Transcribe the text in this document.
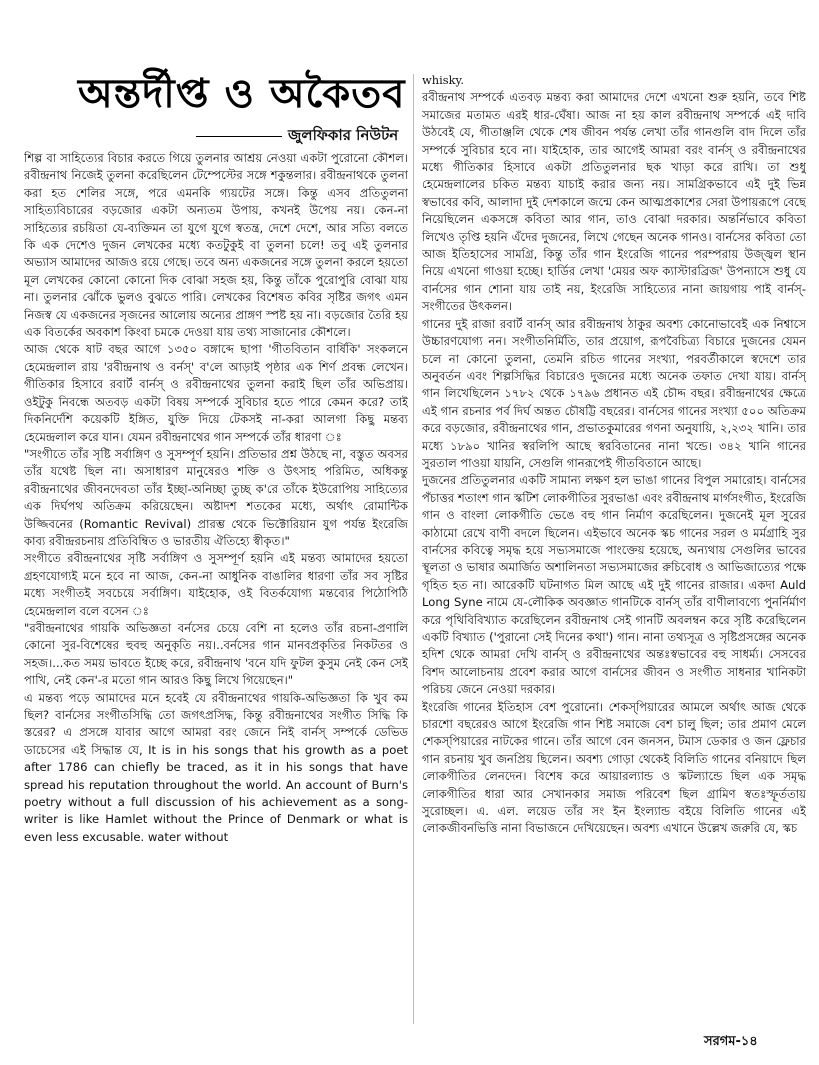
অন্তর্দীপ্ত ও অকৈতব
জুলফিকার নিউটন

শিল্প বা সাহিত্যের বিচার করতে গিয়ে তুলনার আশ্রয় নেওয়া একটা পুরোনো কৌশল। রবীন্দ্রনাথ নিজেই তুলনা করেছিলেন টেম্পেস্টের সঙ্গে শকুন্তলার। রবীন্দ্রনাথকে তুলনা করা হত শেলির সঙ্গে, পরে এমনকি গ্যয়টের সঙ্গে। কিন্তু এসব প্রতিতুলনা সাহিত্যবিচারের বড়জোর একটা অন্যতম উপায়, কখনই উপেয় নয়। কেন-না সাহিত্যের রচয়িতা যে-ব্যক্তিমন তা যুগে যুগে স্বতন্ত্র, দেশে দেশে, আর সত্যি বলতে কি এক দেশেও দুজন লেখকের মধ্যে কতটুকুই বা তুলনা চলে! তবু এই তুলনার অভ্যাস আমাদের আজও রয়ে গেছে। তবে অন্য একজনের সঙ্গে তুলনা করলে হয়তো মূল লেখকের কোনো কোনো দিক বোঝা সহজ হয়, কিন্তু তাঁকে পুরোপুরি বোঝা যায় না। তুলনার ঝোঁকে ভুলও বুঝতে পারি। লেখকের বিশেষত কবির সৃষ্টির জগৎ এমন নিজস্ব যে একজনের সৃজনের আলোয় অন্যের প্রাঙ্গণ স্পষ্ট হয় না। বড়জোর তৈরি হয় এক বিতর্কের অবকাশ কিংবা চমকে দেওয়া যায় তথ্য সাজানোর কৌশলে।

আজ থেকে ষাট বছর আগে ১৩৫০ বঙ্গাব্দে ছাপা 'গীতবিতান বার্ষিকি' সংকলনে হেমেন্দ্রলাল রায় 'রবীন্দ্রনাথ ও বর্নস্' ব'লে আড়াই পৃষ্ঠার এক শির্ণ প্রবন্ধ লেখেন। গীতিকার হিসাবে রবার্ট বার্নস্ ও রবীন্দ্রনাথের তুলনা করাই ছিল তাঁর অভিপ্রায়। ওইটুকু নিবন্ধে অতবড় একটা বিষয় সম্পর্কে সুবিচার হতে পারে কেমন করে? তাই দিকনির্দেশি কয়েকটি ইঙ্গিত, যুক্তি দিয়ে টেকসই না-করা আলগা কিছু মন্তব্য হেমেন্দ্রলাল করে যান। যেমন রবীন্দ্রনাথের গান সম্পর্কে তাঁর ধারণা ঃ

"সংগীতে তাঁর সৃষ্টি সর্বাঙ্গিণ ও সুসম্পূর্ণ হয়নি। প্রতিভার প্রশ্ন উঠছে না, বস্তুত অবসর তাঁর যথেষ্ট ছিল না। অসাধারণ মানুষেরও শক্তি ও উৎসাহ পরিমিত, অধিকন্তু রবীন্দ্রনাথের জীবনদেবতা তাঁর ইচ্ছা-অনিচ্ছা তুচ্ছ ক'রে তাঁকে ইউরোপিয় সাহিত্যের এক দির্ঘপথ অতিক্রম করিয়েছেন। অষ্টাদশ শতকের মধ্যে, অর্থাৎ রোমান্টিক উজ্জিবনের (Romantic Revival) প্রারম্ভ থেকে ভিক্টোরিয়ান যুগ পর্যন্ত ইংরেজি কাব্য রবীন্দ্ররচনায় প্রতিবিম্বিত ও ভারতীয় ঐতিহ্যে স্বীকৃত।"

সংগীতে রবীন্দ্রনাথের সৃষ্টি সর্বাঙ্গিণ ও সুসম্পূর্ণ হয়নি এই মন্তব্য আমাদের হয়তো গ্রহণযোগ্যই মনে হবে না আজ, কেন-না আধুনিক বাঙালির ধারণা তাঁর সব সৃষ্টির মধ্যে সংগীতই সবচেয়ে সর্বাঙ্গিণ। যাইহোক, ওই বিতর্কযোগ্য মন্তব্যের পিঠোপিঠি হেমেন্দ্রলাল বলে বসেন ঃ

"রবীন্দ্রনাথের গায়কি অভিজ্ঞতা বর্নসের চেয়ে বেশি না হলেও তাঁর রচনা-প্রণালি কোনো সুর-বিশেষের হুবহু অনুকৃতি নয়।..বর্নসের গান মানবপ্রকৃতির নিকটতর ও সহজ।...কত সময় ভাবতে ইচ্ছে করে, রবীন্দ্রনাথ 'বনে যদি ফুটল কুসুম নেই কেন সেই পাখি, নেই কেন'-র মতো গান আরও কিছু লিখে গিয়েছেন।"

এ মন্তব্য পড়ে আমাদের মনে হবেই যে রবীন্দ্রনাথের গায়কি-অভিজ্ঞতা কি খুব কম ছিল? বার্নসের সংগীতসিদ্ধি তো জগৎপ্রসিদ্ধ, কিন্তু রবীন্দ্রনাথের সংগীত সিদ্ধি কি স্তরের? এ প্রসঙ্গে যাবার আগে আমরা বরং জেনে নিই বার্নস্ সম্পর্কে ডেভিড ডাচেসের এই সিদ্ধান্ত যে, It is in his songs that his growth as a poet after 1786 can chiefly be traced, as it in his songs that have spread his reputation throughout the world. An account of Burn's poetry without a full discussion of his achievement as a song-writer is like Hamlet without the Prince of Denmark or what is even less excusable. water without

whisky.

রবীন্দ্রনাথ সম্পর্কে এতবড় মন্তব্য করা আমাদের দেশে এখনো শুরু হয়নি, তবে শিষ্ট সমাজের মতামত এরই ধার-ঘেঁষা। আজ না হয় কাল রবীন্দ্রনাথ সম্পর্কে এই দাবি উঠবেই যে, গীতাঞ্জলি থেকে শেষ জীবন পর্যন্ত লেখা তাঁর গানগুলি বাদ দিলে তাঁর সম্পর্কে সুবিচার হবে না। যাইহোক, তার আগেই আমরা বরং বার্নস্ ও রবীন্দ্রনাথের মধ্যে গীতিকার হিসাবে একটা প্রতিতুলনার ছক খাড়া করে রাখি। তা শুধু হেমেন্দ্রলালের চকিত মন্তব্য যাচাই করার জন্য নয়। সামগ্রিকভাবে এই দুই ভিন্ন স্বভাবের কবি, আলাদা দুই দেশকালে জন্মে কেন আত্মপ্রকাশের সেরা উপায়রূপে বেছে নিয়েছিলেন একসঙ্গে কবিতা আর গান, তাও বোঝা দরকার। অন্তর্নিভাবে কবিতা লিখেও তৃপ্তি হয়নি এঁদের দুজনের, লিখে গেছেন অনেক গানও। বার্নসের কবিতা তো আজ ইতিহাসের সামগ্রি, কিন্তু তাঁর গান ইংরেজি গানের পরম্পরায় উজ্জ্বল স্থান নিয়ে এখনো গাওয়া হচ্ছে। হার্ডির লেখা 'মেয়র অফ ক্যাস্টারব্রিজ' উপন্যাসে শুধু যে বার্নসের গান শোনা যায় তাই নয়, ইংরেজি সাহিত্যের নানা জায়গায় পাই বার্নস্-সংগীতের উৎকলন।

গানের দুই রাজা রবার্ট বার্নস্ আর রবীন্দ্রনাথ ঠাকুর অবশ্য কোনোভাবেই এক নিশ্বাসে উচ্চারণযোগ্য নন। সংগীতনির্মিতি, তার প্রয়োগ, রূপবৈচিত্র্য বিচারে দুজনের যেমন চলে না কোনো তুলনা, তেমনি রচিত গানের সংখ্যা, পরবর্তীকালে স্বদেশে তার অনুবর্তন এবং শিল্পসিদ্ধির বিচারেও দুজনের মধ্যে অনেক তফাত দেখা যায়। বার্নস্ গান লিখেছিলেন ১৭৮২ থেকে ১৭৯৬ প্রধানত এই চৌদ্দ বছর। রবীন্দ্রনাথের ক্ষেত্রে এই গান রচনার পর্ব দির্ঘ অন্তত চৌষট্টি বছরের। বার্নসের গানের সংখ্যা ৫০০ অতিক্রম করে বড়জোর, রবীন্দ্রনাথের গান, প্রভাতকুমারের গণনা অনুযায়ি, ২,২৩২ খানি। তার মধ্যে ১৮৯০ খানির স্বরলিপি আছে স্বরবিতানের নানা খন্ডে। ৩৪২ খানি গানের সুরতাল পাওয়া যায়নি, সেগুলি গানরূপেই গীতবিতানে আছে।

দুজনের প্রতিতুলনার একটি সামান্য লক্ষণ হল ভাঙা গানের বিপুল সমারোহ। বার্নসের পঁচাত্তর শতাংশ গান স্কটিশ লোকগীতির সুরভাঙা এবং রবীন্দ্রনাথ মার্গসংগীত, ইংরেজি গান ও বাংলা লোকগীতি ভেঙে বহু গান নির্মাণ করেছিলেন। দুজনেই মূল সুরের কাঠামো রেখে বাণী বদলে ছিলেন। এইভাবে অনেক স্কচ গানের সরল ও মর্মগ্রাহি সুর বার্নসের কবিত্বে সমৃদ্ধ হয়ে সভ্যসমাজে পাংক্তেয় হয়েছে, অন্যথায় সেগুলির ভাবের স্থূলতা ও ভাষার অমার্জিত অশালিনতা সভ্যসমাজের রুচিবোধ ও আভিজাত্যের পক্ষে গৃহিত হত না। আরেকটি ঘটনাগত মিল আছে এই দুই গানের রাজার। একদা Auld Long Syne নামে যে-লৌকিক অবজ্ঞাত গানটিকে বার্নস্ তাঁর বাণীলাবণ্যে পুনর্নির্মাণ করে পৃথিবিবিখ্যাত করেছিলেন রবীন্দ্রনাথ সেই গানটি অবলম্বন করে সৃষ্টি করেছিলেন একটি বিখ্যাত ('পুরানো সেই দিনের কথা') গান। নানা তথ্যসূত্র ও সৃষ্টিপ্রসঙ্গের অনেক হদিশ থেকে আমরা দেখি বার্নস্ ও রবীন্দ্রনাথের অন্তঃস্বভাবের বহু সাধর্ম্য। সেসবের বিশদ আলোচনায় প্রবেশ করার আগে বার্নসের জীবন ও সংগীত সাধনার খানিকটা পরিচয় জেনে নেওয়া দরকার।

ইংরেজি গানের ইতিহাস বেশ পুরোনো। শেকস্‌পিয়ারের আমলে অর্থাৎ আজ থেকে চারশো বছরেরও আগে ইংরেজি গান শিষ্ট সমাজে বেশ চালু ছিল; তার প্রমাণ মেলে শেকস্‌পিয়ারের নাটকের গানে। তাঁর আগে বেন জনসন, টমাস ডেকার ও জন ফ্লেচার গান রচনায় খুব জনপ্রিয় ছিলেন। অবশ্য গোড়া থেকেই বিলিতি গানের বনিয়াদে ছিল লোকগীতির লেনদেন। বিশেষ করে আয়ারল্যান্ড ও স্কটল্যান্ডে ছিল এক সমৃদ্ধ লোকগীতির ধারা আর সেখানকার সমাজ পরিবেশ ছিল গ্রামিণ স্বতঃস্ফূর্ততায় সুরোচ্ছল। এ. এল. লয়েড তাঁর সং ইন ইংল্যান্ড বইয়ে বিলিতি গানের এই লোকজীবনভিত্তি নানা বিভাজনে দেখিয়েছেন। অবশ্য এখানে উল্লেখ জরুরি যে, স্কচ

সরগম-১৪
